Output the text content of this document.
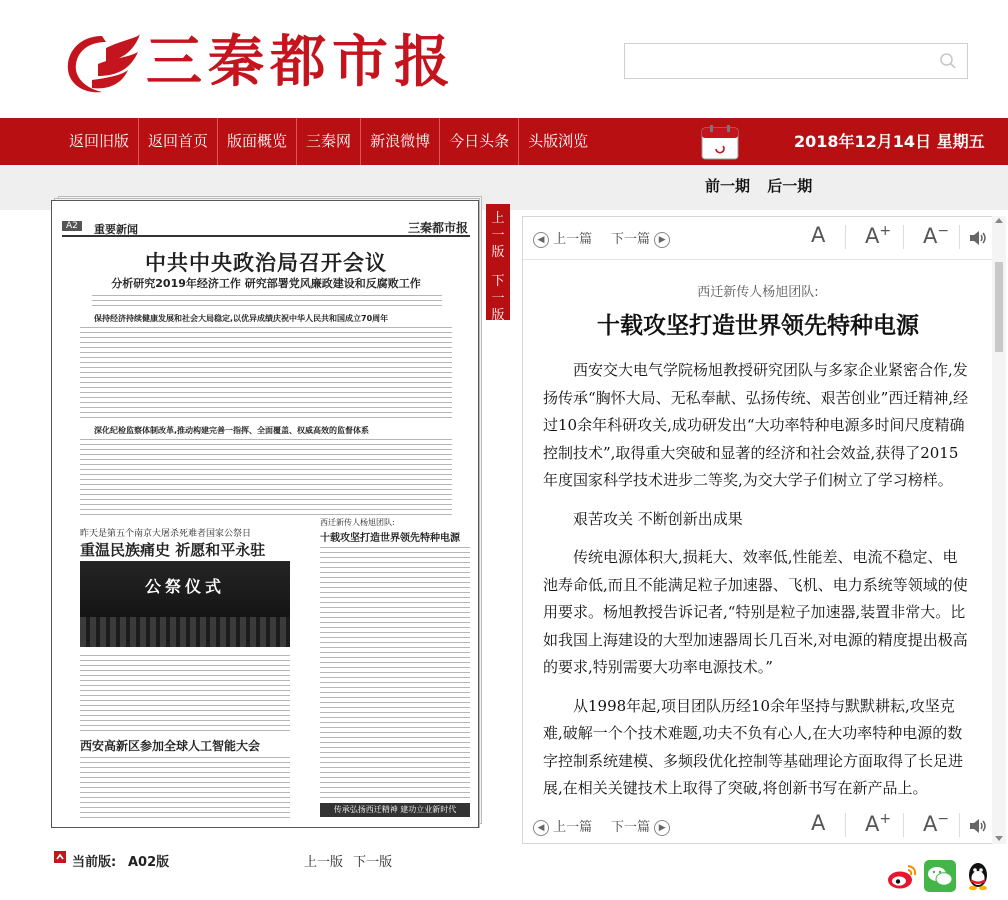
三秦都市报
返回旧版	返回首页	版面概览	三秦网	新浪微博	今日头条	头版浏览	2018年12月14日 星期五
前一期 后一期
A2	重要新闻	三秦都市报
中共中央政治局召开会议
分析研究2019年经济工作 研究部署党风廉政建设和反腐败工作
保持经济持续健康发展和社会大局稳定,以优异成绩庆祝中华人民共和国成立70周年
深化纪检监察体制改革,推动构建完善一指挥、全面覆盖、权威高效的监督体系
昨天是第五个南京大屠杀死难者国家公祭日
重温民族痛史 祈愿和平永驻
公祭仪式
西安高新区参加全球人工智能大会
西迁新传人杨旭团队:
十载攻坚打造世界领先特种电源
传承弘扬西迁精神 建功立业新时代
上一版
下一版
当前版: A02版	上一版 下一版
◀ 上一篇 下一篇 ▶	A A+ A−
西迁新传人杨旭团队:
十载攻坚打造世界领先特种电源

西安交大电气学院杨旭教授研究团队与多家企业紧密合作,发扬传承“胸怀大局、无私奉献、弘扬传统、艰苦创业”西迁精神,经过10余年科研攻关,成功研发出“大功率特种电源多时间尺度精确控制技术”,取得重大突破和显著的经济和社会效益,获得了2015年度国家科学技术进步二等奖,为交大学子们树立了学习榜样。

艰苦攻关 不断创新出成果

传统电源体积大,损耗大、效率低,性能差、电流不稳定、电池寿命低,而且不能满足粒子加速器、飞机、电力系统等领域的使用要求。杨旭教授告诉记者,“特别是粒子加速器,装置非常大。比如我国上海建设的大型加速器周长几百米,对电源的精度提出极高的要求,特别需要大功率电源技术。”

从1998年起,项目团队历经10余年坚持与默默耕耘,攻坚克难,破解一个个技术难题,功夫不负有心人,在大功率特种电源的数字控制系统建模、多频段优化控制等基础理论方面取得了长足进展,在相关关键技术上取得了突破,将创新书写在新产品上。

◀ 上一篇 下一篇 ▶	A A+ A−
